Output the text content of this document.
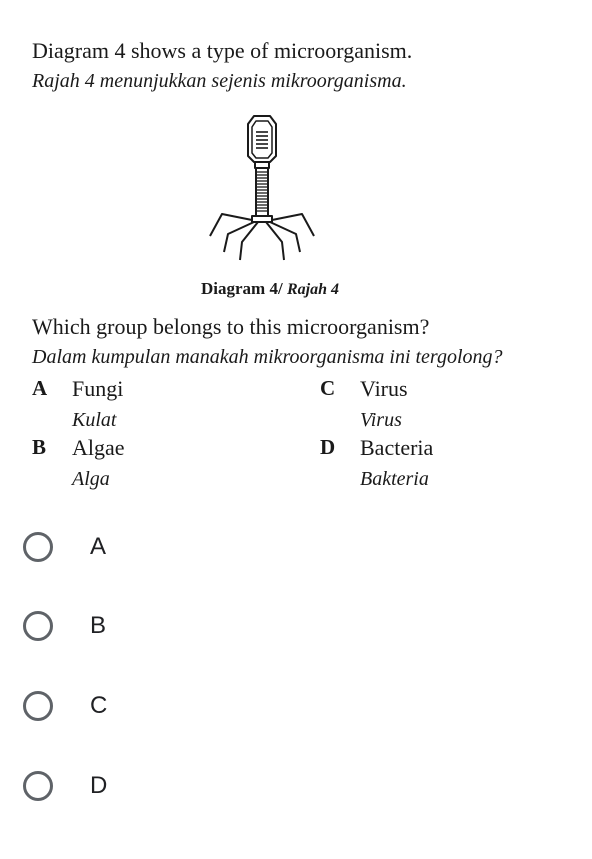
Diagram 4 shows a type of microorganism.
Rajah 4 menunjukkan sejenis mikroorganisma.
Diagram 4/ Rajah 4
Which group belongs to this microorganism?
Dalam kumpulan manakah mikroorganisma ini tergolong?
A Fungi
Kulat
B Algae
Alga
C Virus
Virus
D Bacteria
Bakteria
A
B
C
D
